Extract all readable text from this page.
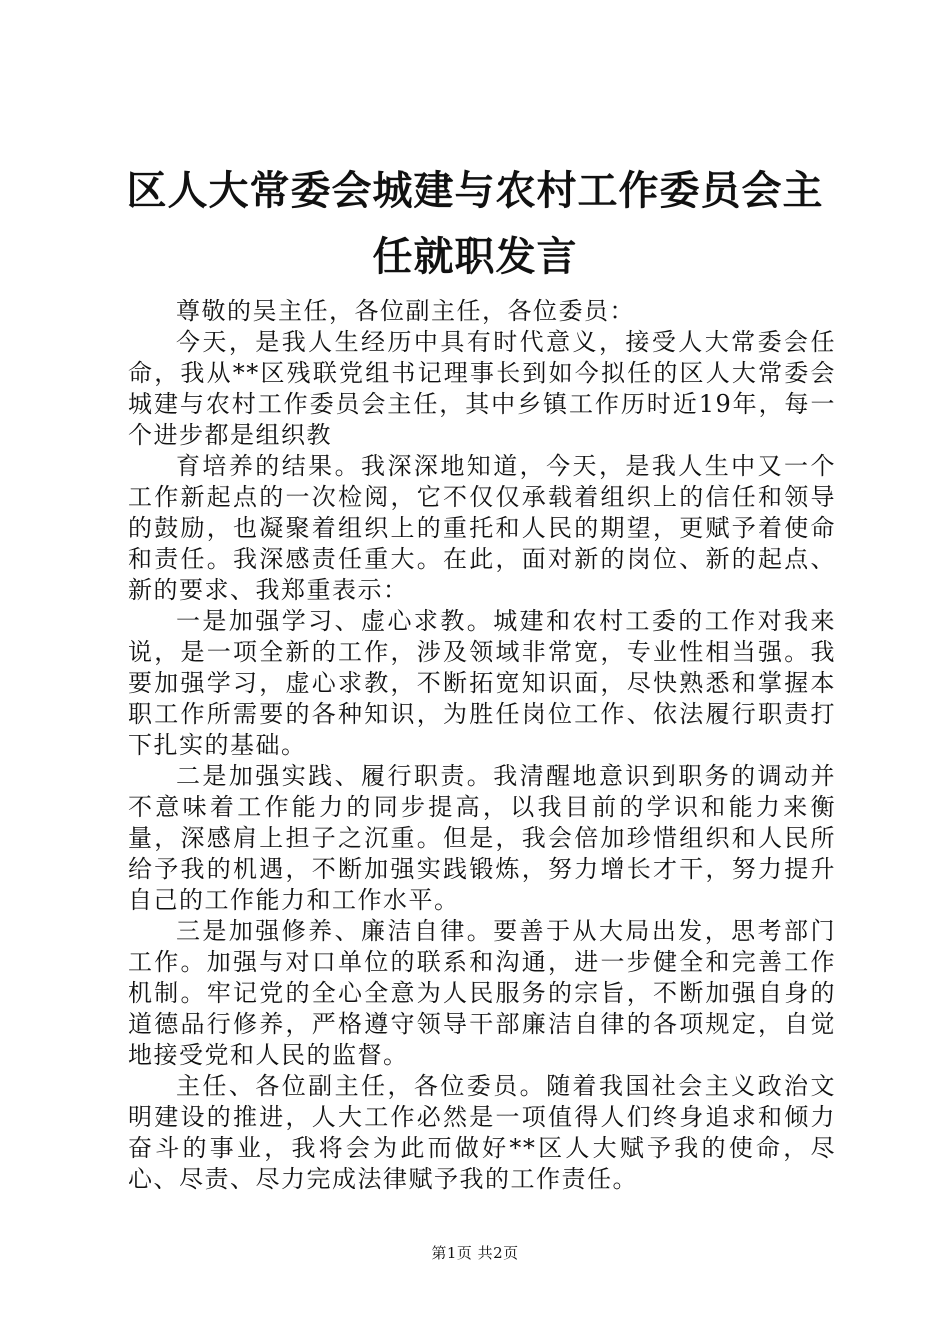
区人大常委会城建与农村工作委员会主任就职发言

尊敬的吴主任，各位副主任，各位委员：

今天，是我人生经历中具有时代意义，接受人大常委会任命，我从**区残联党组书记理事长到如今拟任的区人大常委会城建与农村工作委员会主任，其中乡镇工作历时近19年，每一个进步都是组织教

育培养的结果。我深深地知道，今天，是我人生中又一个工作新起点的一次检阅，它不仅仅承载着组织上的信任和领导的鼓励，也凝聚着组织上的重托和人民的期望，更赋予着使命和责任。我深感责任重大。在此，面对新的岗位、新的起点、新的要求、我郑重表示：

一是加强学习、虚心求教。城建和农村工委的工作对我来说，是一项全新的工作，涉及领域非常宽，专业性相当强。我要加强学习，虚心求教，不断拓宽知识面，尽快熟悉和掌握本职工作所需要的各种知识，为胜任岗位工作、依法履行职责打下扎实的基础。

二是加强实践、履行职责。我清醒地意识到职务的调动并不意味着工作能力的同步提高，以我目前的学识和能力来衡量，深感肩上担子之沉重。但是，我会倍加珍惜组织和人民所给予我的机遇，不断加强实践锻炼，努力增长才干，努力提升自己的工作能力和工作水平。

三是加强修养、廉洁自律。要善于从大局出发，思考部门工作。加强与对口单位的联系和沟通，进一步健全和完善工作机制。牢记党的全心全意为人民服务的宗旨，不断加强自身的道德品行修养，严格遵守领导干部廉洁自律的各项规定，自觉地接受党和人民的监督。

主任、各位副主任，各位委员。随着我国社会主义政治文明建设的推进，人大工作必然是一项值得人们终身追求和倾力奋斗的事业，我将会为此而做好**区人大赋予我的使命，尽心、尽责、尽力完成法律赋予我的工作责任。

第1页 共2页
